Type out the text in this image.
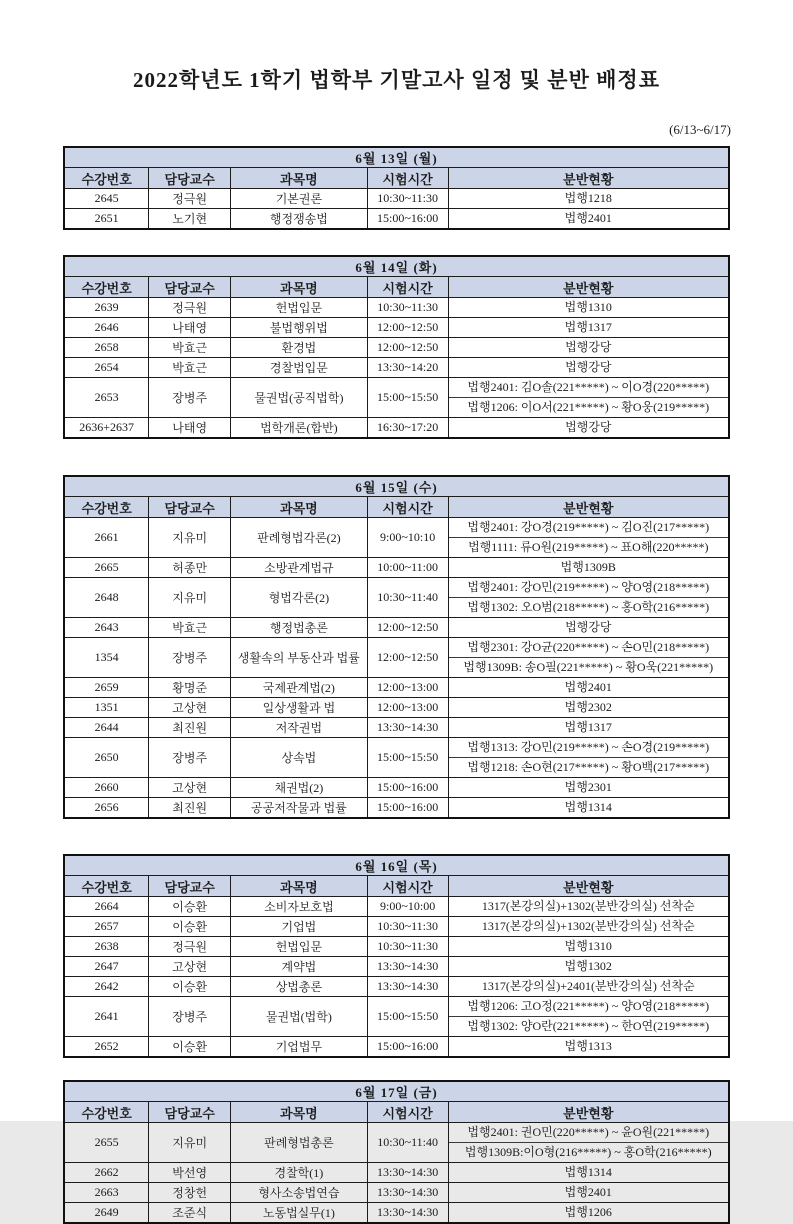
2022학년도 1학기 법학부 기말고사 일정 및 분반 배정표
(6/13~6/17)
6월 13일 (월)				
수강번호	담당교수	과목명	시험시간	분반현황
2645	정극원	기본권론	10:30~11:30	법행1218

2651	노기현	행정쟁송법	15:00~16:00	법행2401
6월 14일 (화)				
수강번호	담당교수	과목명	시험시간	분반현황
2639	정극원	헌법입문	10:30~11:30	법행1310

2646	나태영	불법행위법	12:00~12:50	법행1317

2658	박효근	환경법	12:00~12:50	법행강당

2654	박효근	경찰법입문	13:30~14:20	법행강당

2653	장병주	물권법(공직법학)	15:00~15:50	법행2401: 김O솔(221*****) ~ 이O경(220*****)
법행1206: 이O서(221*****) ~ 황O웅(219*****)

2636+2637	나태영	법학개론(합반)	16:30~17:20	법행강당
6월 15일 (수)				
수강번호	담당교수	과목명	시험시간	분반현황
2661	지유미	판례형법각론(2)	9:00~10:10	법행2401: 강O경(219*****) ~ 김O진(217*****)
법행1111: 류O원(219*****) ~ 표O해(220*****)

2665	허종만	소방관계법규	10:00~11:00	법행1309B

2648	지유미	형법각론(2)	10:30~11:40	법행2401: 강O민(219*****) ~ 양O영(218*****)
법행1302: 오O범(218*****) ~ 홍O학(216*****)

2643	박효근	행정법총론	12:00~12:50	법행강당

1354	장병주	생활속의 부동산과 법률	12:00~12:50	법행2301: 강O균(220*****) ~ 손O민(218*****)
법행1309B: 송O필(221*****) ~ 황O욱(221*****)

2659	황명준	국제관계법(2)	12:00~13:00	법행2401

1351	고상현	일상생활과 법	12:00~13:00	법행2302

2644	최진원	저작권법	13:30~14:30	법행1317

2650	장병주	상속법	15:00~15:50	법행1313: 강O민(219*****) ~ 손O경(219*****)
법행1218: 손O현(217*****) ~ 황O백(217*****)

2660	고상현	채권법(2)	15:00~16:00	법행2301

2656	최진원	공공저작물과 법률	15:00~16:00	법행1314
6월 16일 (목)				
수강번호	담당교수	과목명	시험시간	분반현황
2664	이승환	소비자보호법	9:00~10:00	1317(본강의실)+1302(분반강의실) 선착순

2657	이승환	기업법	10:30~11:30	1317(본강의실)+1302(분반강의실) 선착순

2638	정극원	헌법입문	10:30~11:30	법행1310

2647	고상현	계약법	13:30~14:30	법행1302

2642	이승환	상법총론	13:30~14:30	1317(본강의실)+2401(분반강의실) 선착순

2641	장병주	물권법(법학)	15:00~15:50	법행1206: 고O정(221*****) ~ 양O영(218*****)
법행1302: 양O란(221*****) ~ 한O연(219*****)

2652	이승환	기업법무	15:00~16:00	법행1313
6월 17일 (금)				
수강번호	담당교수	과목명	시험시간	분반현황
2655	지유미	판례형법총론	10:30~11:40	법행2401: 권O민(220*****) ~ 윤O원(221*****)
법행1309B:이O형(216*****) ~ 홍O학(216*****)

2662	박선영	경찰학(1)	13:30~14:30	법행1314

2663	정창헌	형사소송법연습	13:30~14:30	법행2401

2649	조준식	노동법실무(1)	13:30~14:30	법행1206
